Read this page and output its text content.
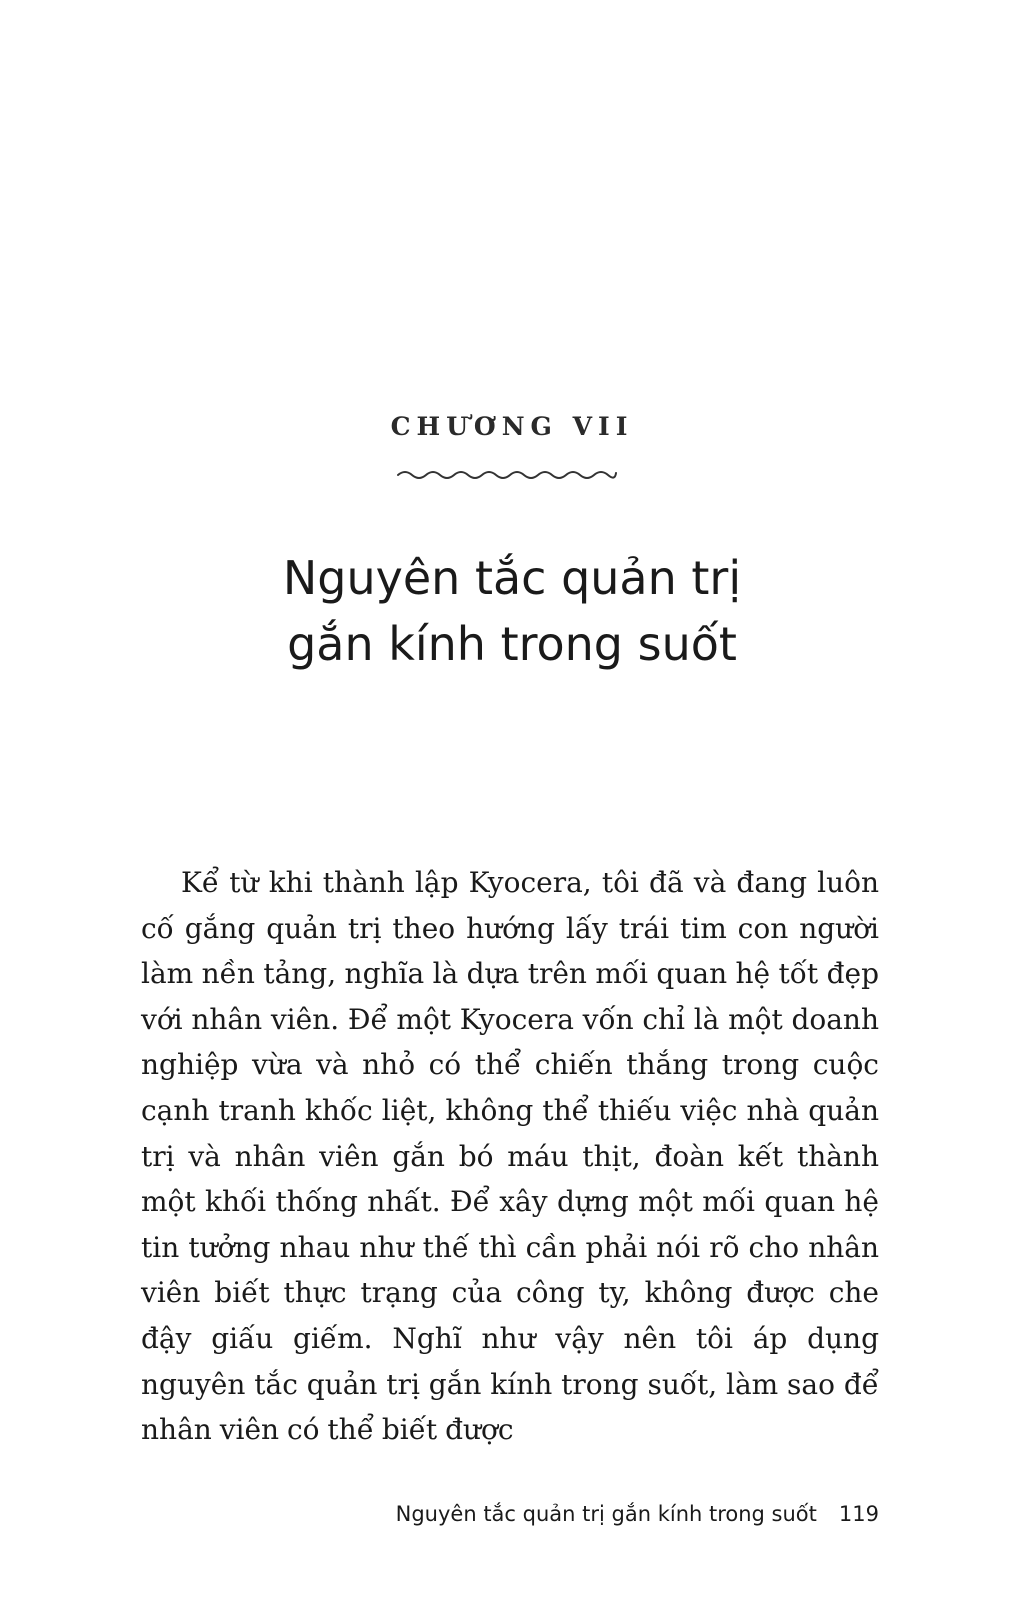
CHƯƠNG VII
Nguyên tắc quản trị
gắn kính trong suốt

Kể từ khi thành lập Kyocera, tôi đã và đang luôn cố gắng quản trị theo hướng lấy trái tim con người làm nền tảng, nghĩa là dựa trên mối quan hệ tốt đẹp với nhân viên. Để một Kyocera vốn chỉ là một doanh nghiệp vừa và nhỏ có thể chiến thắng trong cuộc cạnh tranh khốc liệt, không thể thiếu việc nhà quản trị và nhân viên gắn bó máu thịt, đoàn kết thành một khối thống nhất. Để xây dựng một mối quan hệ tin tưởng nhau như thế thì cần phải nói rõ cho nhân viên biết thực trạng của công ty, không được che đậy giấu giếm. Nghĩ như vậy nên tôi áp dụng nguyên tắc quản trị gắn kính trong suốt, làm sao để nhân viên có thể biết được

Nguyên tắc quản trị gắn kính trong suốt 119
